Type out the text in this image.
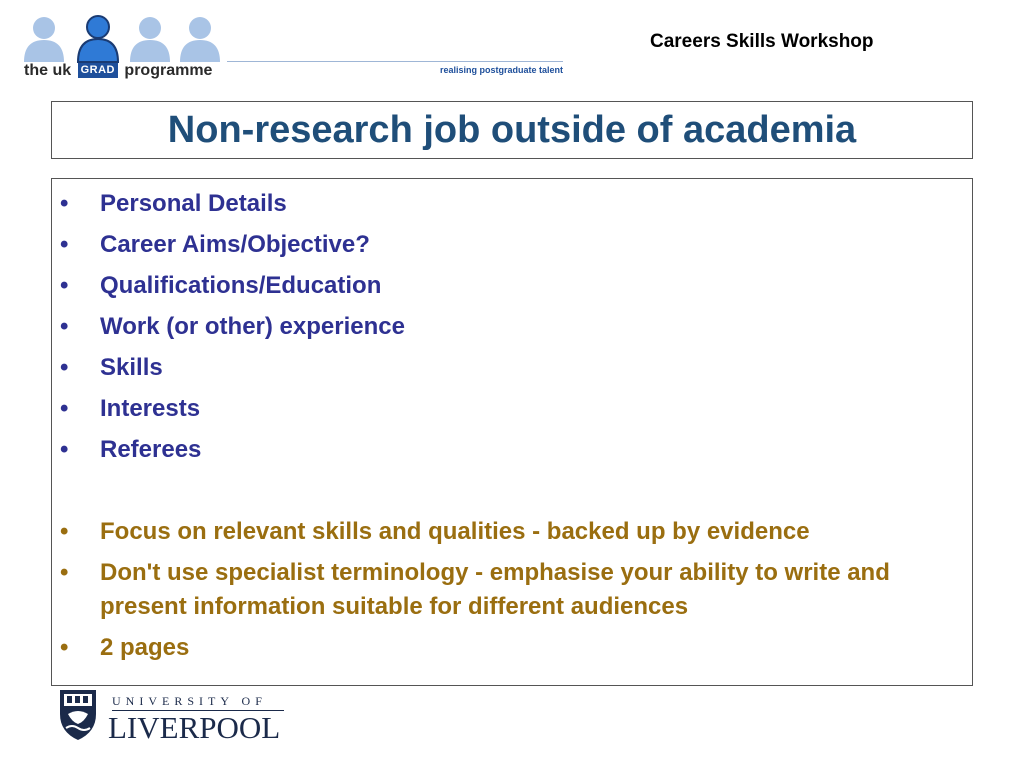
the uk GRAD programme	realising postgraduate talent
Careers Skills Workshop
Non-research job outside of academia
• Personal Details
• Career Aims/Objective?
• Qualifications/Education
• Work (or other) experience
• Skills
• Interests
• Referees
• Focus on relevant skills and qualities - backed up by evidence
• Don't use specialist terminology - emphasise your ability to write and present information suitable for different audiences
• 2 pages
UNIVERSITY OF
LIVERPOOL
